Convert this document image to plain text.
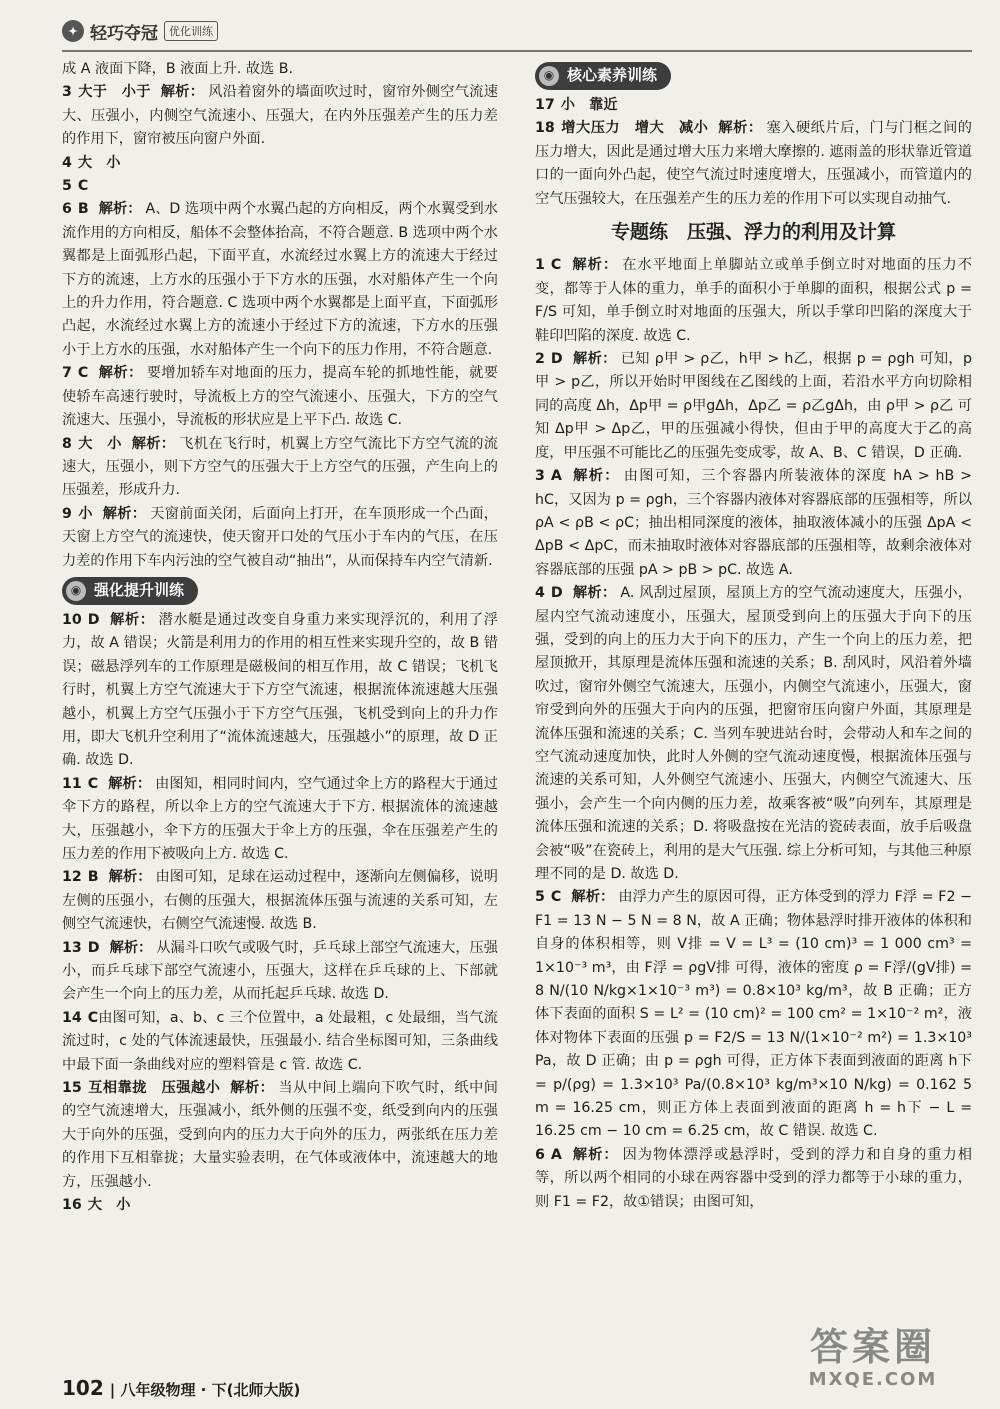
✦ 轻巧夺冠	优化训练

成 A 液面下降，B 液面上升. 故选 B.

3 大于　小于 解析： 风沿着窗外的墙面吹过时，窗帘外侧空气流速大、压强小，内侧空气流速小、压强大，在内外压强差产生的压力差的作用下，窗帘被压向窗户外面.

4 大　小

5 C

6 B 解析： A、D 选项中两个水翼凸起的方向相反，两个水翼受到水流作用的方向相反，船体不会整体抬高，不符合题意. B 选项中两个水翼都是上面弧形凸起，下面平直，水流经过水翼上方的流速大于经过下方的流速，上方水的压强小于下方水的压强，水对船体产生一个向上的升力作用，符合题意. C 选项中两个水翼都是上面平直，下面弧形凸起，水流经过水翼上方的流速小于经过下方的流速，下方水的压强小于上方水的压强，水对船体产生一个向下的压力作用，不符合题意.

7 C 解析： 要增加轿车对地面的压力，提高车轮的抓地性能，就要使轿车高速行驶时，导流板上方的空气流速小、压强大，下方的空气流速大、压强小，导流板的形状应是上平下凸. 故选 C.

8 大　小 解析： 飞机在飞行时，机翼上方空气流比下方空气流的流速大，压强小，则下方空气的压强大于上方空气的压强，产生向上的压强差，形成升力.

9 小 解析： 天窗前面关闭，后面向上打开，在车顶形成一个凸面，天窗上方空气的流速快，使天窗开口处的气压小于车内的气压，在压力差的作用下车内污浊的空气被自动“抽出”，从而保持车内空气清新.

◉ 强化提升训练

10 D 解析： 潜水艇是通过改变自身重力来实现浮沉的，利用了浮力，故 A 错误；火箭是利用力的作用的相互性来实现升空的，故 B 错误；磁悬浮列车的工作原理是磁极间的相互作用，故 C 错误；飞机飞行时，机翼上方空气流速大于下方空气流速，根据流体流速越大压强越小，机翼上方空气压强小于下方空气压强，飞机受到向上的升力作用，即大飞机升空利用了“流体流速越大，压强越小”的原理，故 D 正确. 故选 D.

11 C 解析： 由图知，相同时间内，空气通过伞上方的路程大于通过伞下方的路程，所以伞上方的空气流速大于下方. 根据流体的流速越大，压强越小，伞下方的压强大于伞上方的压强，伞在压强差产生的压力差的作用下被吸向上方. 故选 C.

12 B 解析： 由图可知，足球在运动过程中，逐渐向左侧偏移，说明左侧的压强小，右侧的压强大，根据流体压强与流速的关系可知，左侧空气流速快，右侧空气流速慢. 故选 B.

13 D 解析： 从漏斗口吹气或吸气时，乒乓球上部空气流速大，压强小，而乒乓球下部空气流速小，压强大，这样在乒乓球的上、下部就会产生一个向上的压力差，从而托起乒乓球. 故选 D.

14 C由图可知，a、b、c 三个位置中，a 处最粗，c 处最细，当气流流过时，c 处的气体流速最快，压强最小. 结合坐标图可知，三条曲线中最下面一条曲线对应的塑料管是 c 管. 故选 C.

15 互相靠拢　压强越小 解析： 当从中间上端向下吹气时，纸中间的空气流速增大，压强减小，纸外侧的压强不变，纸受到向内的压强大于向外的压强，受到向内的压力大于向外的压力，两张纸在压力差的作用下互相靠拢；大量实验表明，在气体或液体中，流速越大的地方，压强越小.

16 大　小

◉ 核心素养训练

17 小　靠近

18 增大压力　增大　减小 解析： 塞入硬纸片后，门与门框之间的压力增大，因此是通过增大压力来增大摩擦的. 遮雨盖的形状靠近管道口的一面向外凸起，使空气流过时速度增大，压强减小，而管道内的空气压强较大，在压强差产生的压力差的作用下可以实现自动抽气.

专题练　压强、浮力的利用及计算

1 C 解析： 在水平地面上单脚站立或单手倒立时对地面的压力不变，都等于人体的重力，单手的面积小于单脚的面积，根据公式 p = F/S 可知，单手倒立时对地面的压强大，所以手掌印凹陷的深度大于鞋印凹陷的深度. 故选 C.

2 D 解析： 已知 ρ甲 > ρ乙，h甲 > h乙，根据 p = ρgh 可知，p甲 > p乙，所以开始时甲图线在乙图线的上面，若沿水平方向切除相同的高度 Δh，Δp甲 = ρ甲gΔh，Δp乙 = ρ乙gΔh，由 ρ甲 > ρ乙 可知 Δp甲 > Δp乙，甲的压强减小得快，但由于甲的高度大于乙的高度，甲压强不可能比乙的压强先变成零，故 A、B、C 错误，D 正确.

3 A 解析： 由图可知，三个容器内所装液体的深度 hA > hB > hC，又因为 p = ρgh，三个容器内液体对容器底部的压强相等，所以 ρA < ρB < ρC；抽出相同深度的液体，抽取液体减小的压强 ΔpA < ΔpB < ΔpC，而未抽取时液体对容器底部的压强相等，故剩余液体对容器底部的压强 pA > pB > pC. 故选 A.

4 D 解析： A. 风刮过屋顶，屋顶上方的空气流动速度大，压强小，屋内空气流动速度小，压强大，屋顶受到向上的压强大于向下的压强，受到的向上的压力大于向下的压力，产生一个向上的压力差，把屋顶掀开，其原理是流体压强和流速的关系；B. 刮风时，风沿着外墙吹过，窗帘外侧空气流速大，压强小，内侧空气流速小，压强大，窗帘受到向外的压强大于向内的压强，把窗帘压向窗户外面，其原理是流体压强和流速的关系；C. 当列车驶进站台时，会带动人和车之间的空气流动速度加快，此时人外侧的空气流动速度慢，根据流体压强与流速的关系可知，人外侧空气流速小、压强大，内侧空气流速大、压强小，会产生一个向内侧的压力差，故乘客被“吸”向列车，其原理是流体压强和流速的关系；D. 将吸盘按在光洁的瓷砖表面，放手后吸盘会被“吸”在瓷砖上，利用的是大气压强. 综上分析可知，与其他三种原理不同的是 D. 故选 D.

5 C 解析： 由浮力产生的原因可得，正方体受到的浮力 F浮 = F2 − F1 = 13 N − 5 N = 8 N，故 A 正确；物体悬浮时排开液体的体积和自身的体积相等，则 V排 = V = L³ = (10 cm)³ = 1 000 cm³ = 1×10⁻³ m³，由 F浮 = ρgV排 可得，液体的密度 ρ = F浮/(gV排) = 8 N/(10 N/kg×1×10⁻³ m³) = 0.8×10³ kg/m³，故 B 正确；正方体下表面的面积 S = L² = (10 cm)² = 100 cm² = 1×10⁻² m²，液体对物体下表面的压强 p = F2/S = 13 N/(1×10⁻² m²) = 1.3×10³ Pa，故 D 正确；由 p = ρgh 可得，正方体下表面到液面的距离 h下 = p/(ρg) = 1.3×10³ Pa/(0.8×10³ kg/m³×10 N/kg) = 0.162 5 m = 16.25 cm，则正方体上表面到液面的距离 h = h下 − L = 16.25 cm − 10 cm = 6.25 cm，故 C 错误. 故选 C.

6 A 解析： 因为物体漂浮或悬浮时，受到的浮力和自身的重力相等，所以两个相同的小球在两容器中受到的浮力都等于小球的重力，则 F1 = F2，故①错误；由图可知，

102 | 八年级物理 · 下(北师大版)
答案圈
MXQE.COM
